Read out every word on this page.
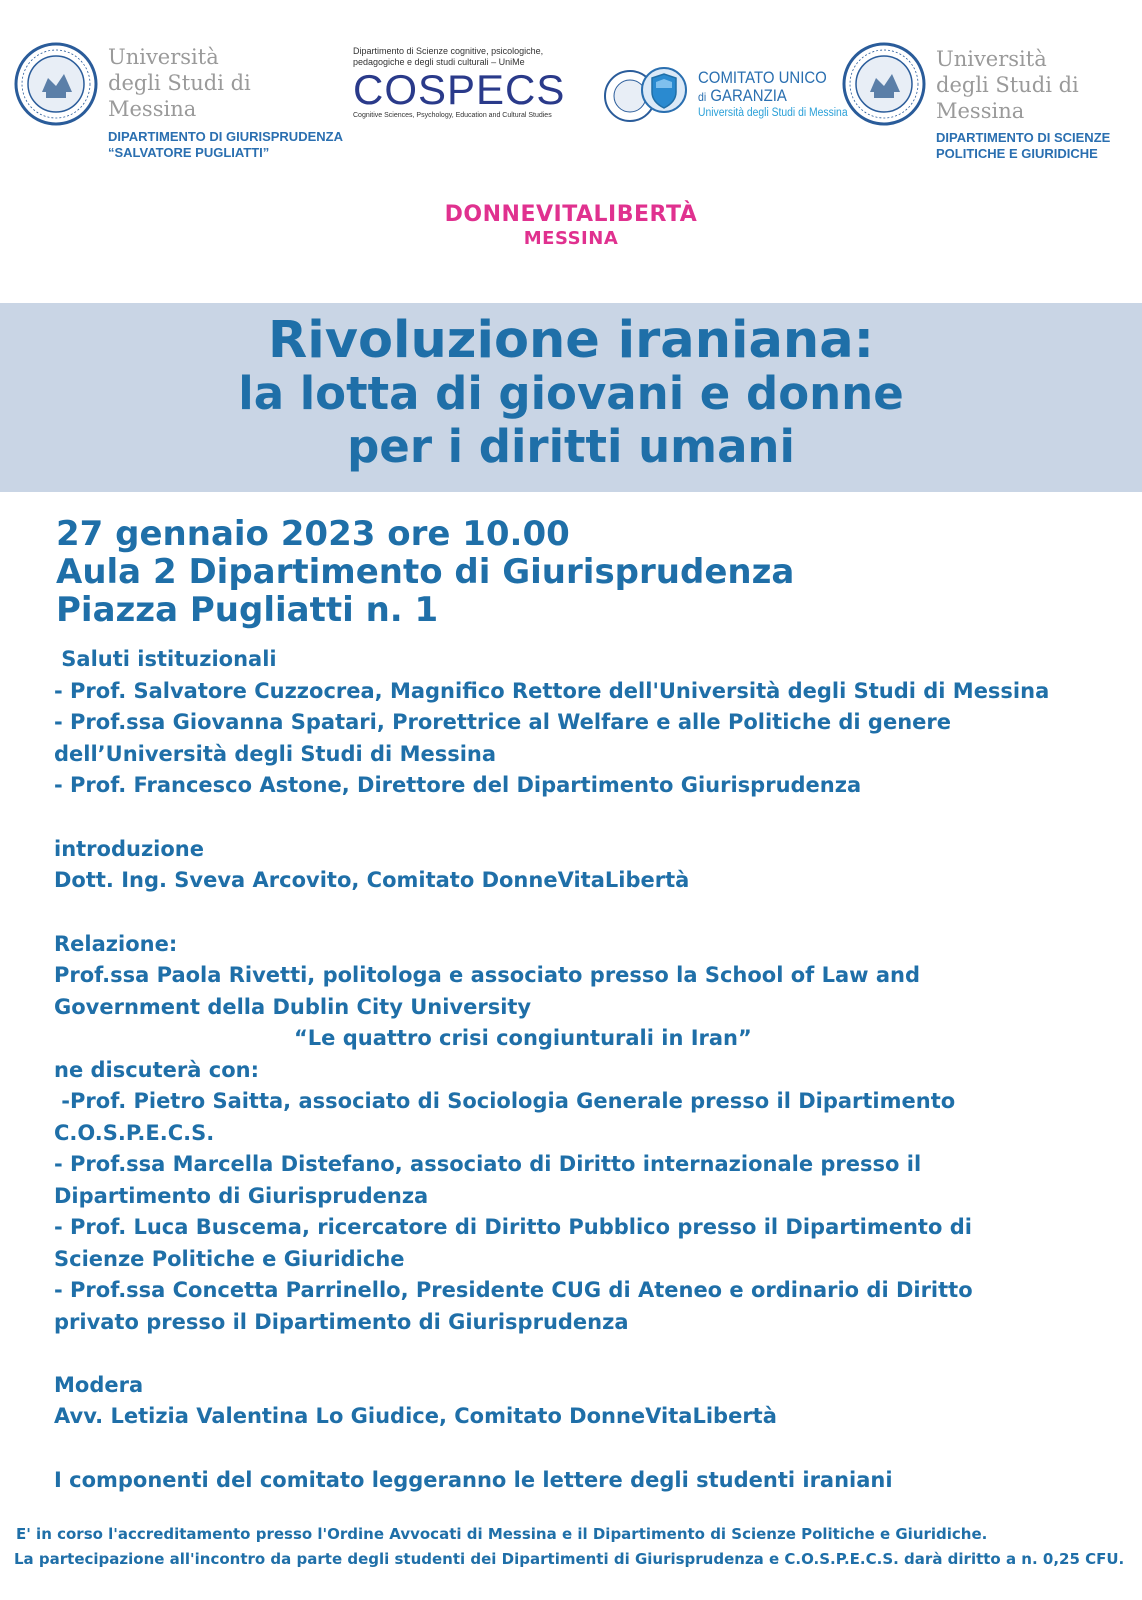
Università
degli Studi di
Messina
DIPARTIMENTO DI GIURISPRUDENZA
“SALVATORE PUGLIATTI”
Dipartimento di Scienze cognitive, psicologiche,
pedagogiche e degli studi culturali – UniMe
COSPECS
Cognitive Sciences, Psychology, Education and Cultural Studies
COMITATO UNICO
di GARANZIA
Università degli Studi di Messina
Università
degli Studi di
Messina
DIPARTIMENTO DI SCIENZE
POLITICHE E GIURIDICHE
DONNEVITALIBERTÀ
MESSINA
Rivoluzione iraniana:
la lotta di giovani e donne
per i diritti umani
27 gennaio 2023 ore 10.00
Aula 2 Dipartimento di Giurisprudenza
Piazza Pugliatti n. 1
Saluti istituzionali
- Prof. Salvatore Cuzzocrea, Magnifico Rettore dell'Università degli Studi di Messina
- Prof.ssa Giovanna Spatari, Prorettrice al Welfare e alle Politiche di genere
dell’Università degli Studi di Messina
- Prof. Francesco Astone, Direttore del Dipartimento Giurisprudenza
introduzione
Dott. Ing. Sveva Arcovito, Comitato DonneVitaLibertà
Relazione:
Prof.ssa Paola Rivetti, politologa e associato presso la School of Law and
Government della Dublin City University
“Le quattro crisi congiunturali in Iran”
ne discuterà con:
-Prof. Pietro Saitta, associato di Sociologia Generale presso il Dipartimento
C.O.S.P.E.C.S.
- Prof.ssa Marcella Distefano, associato di Diritto internazionale presso il
Dipartimento di Giurisprudenza
- Prof. Luca Buscema, ricercatore di Diritto Pubblico presso il Dipartimento di
Scienze Politiche e Giuridiche
- Prof.ssa Concetta Parrinello, Presidente CUG di Ateneo e ordinario di Diritto
privato presso il Dipartimento di Giurisprudenza
Modera
Avv. Letizia Valentina Lo Giudice, Comitato DonneVitaLibertà
I componenti del comitato leggeranno le lettere degli studenti iraniani
E' in corso l'accreditamento presso l'Ordine Avvocati di Messina e il Dipartimento di Scienze Politiche e Giuridiche.
La partecipazione all'incontro da parte degli studenti dei Dipartimenti di Giurisprudenza e C.O.S.P.E.C.S. darà diritto a n. 0,25 CFU.
